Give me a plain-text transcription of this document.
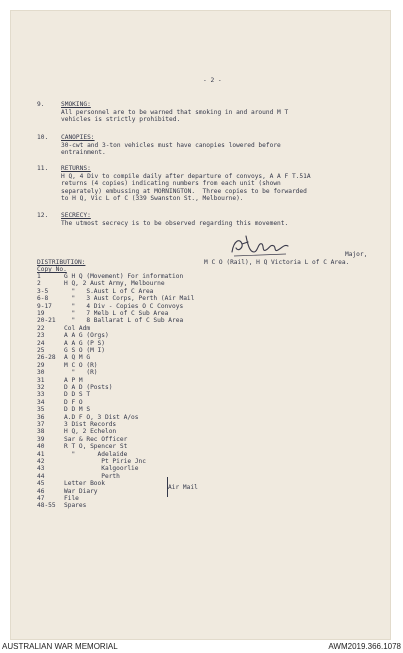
- 2 -
9.	SMOKING:
All personnel are to be warned that smoking in and around M T
vehicles is strictly prohibited.
10. CANOPIES:
30-cwt and 3-ton vehicles must have canopies lowered before
entrainment.
11. RETURNS:
H Q, 4 Div to compile daily after departure of convoys, A A F T.51A
returns (4 copies) indicating numbers from each unit (shown
separately) embussing at MORNINGTON.  Three copies to be forwarded
to H Q, Vic L of C (339 Swanston St., Melbourne).
12. SECRECY:
The utmost secrecy is to be observed regarding this movement.
Major,
M C O (Rail), H Q Victoria L of C Area.
DISTRIBUTION:
Copy No.
1	G H Q (Movement) For information
2	H Q, 2 Aust Army, Melbourne
3-5	"   S.Aust L of C Area
6-8	"   3 Aust Corps, Perth (Air Mail
9-17 "   4 Div - Copies O C Convoys
19	"   7 Melb L of C Sub Area
20-21 "   8 Ballarat L of C Sub Area
22	Col Adm
23	A A G (Orgs)
24	A A G (P S)
25	G S O (M I)
26-28 A Q M G
29	M C O (R)
30	"   (R)
31	A P M
32	D A D (Posts)
33	D D S T
34	D F O
35	D D M S
36	A.D F O, 3 Dist A/os
37	3 Dist Records
38	H Q, 2 Echelon
39	Sar & Rec Officer
40	R T O, Spencer St
41	"      Adelaide
42	Pt Pirie Jnc
43	Kalgoorlie
44	Perth
45	Letter Book
46	War Diary
47	File
48-55 Spares
Air Mail
AUSTRALIAN WAR MEMORIAL	AWM2019.366.1078
